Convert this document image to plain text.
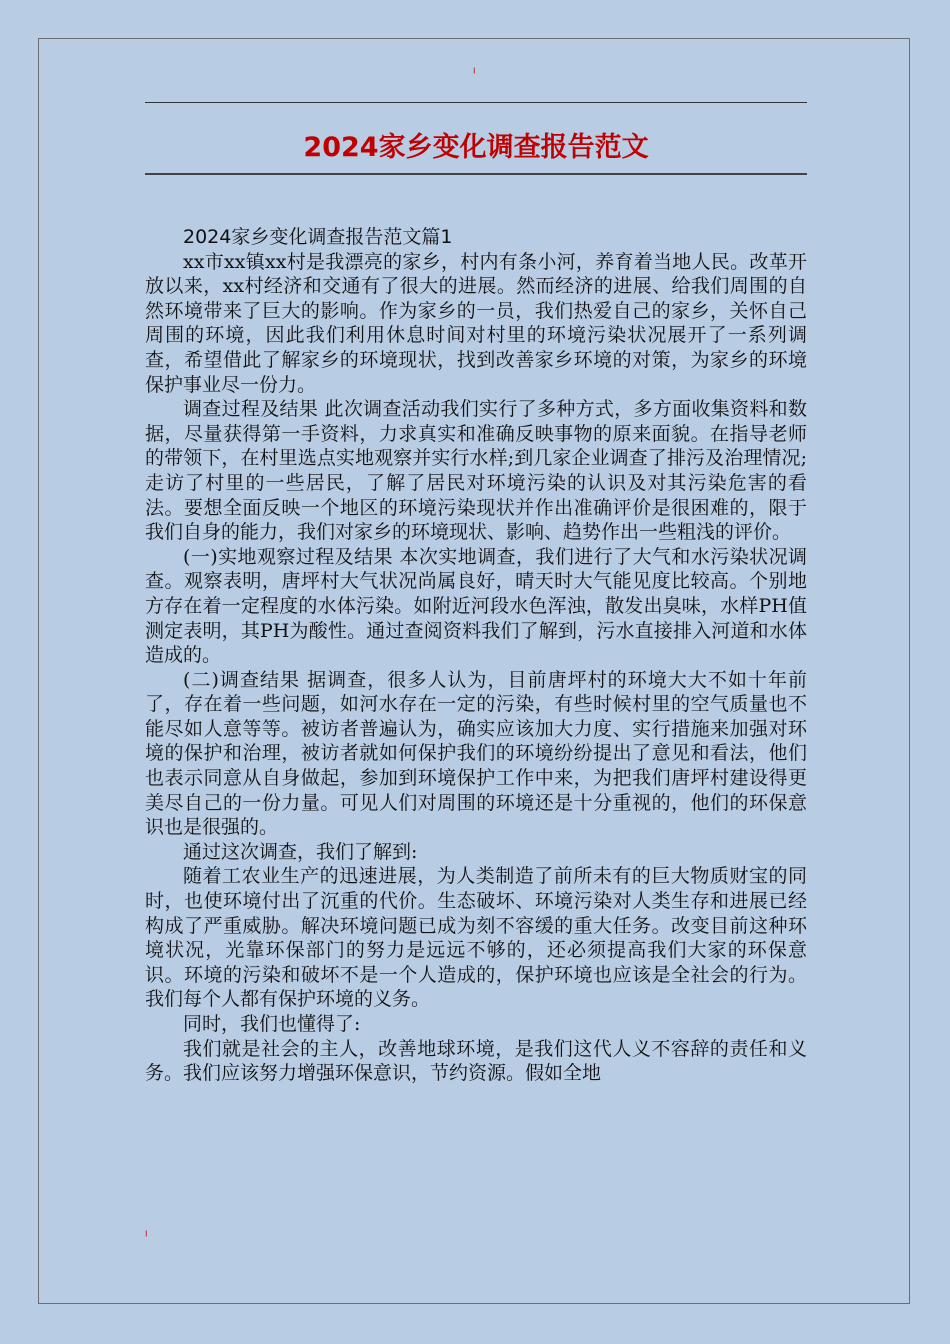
ˡ
2024家乡变化调查报告范文

2024家乡变化调查报告范文篇1

xx市xx镇xx村是我漂亮的家乡，村内有条小河，养育着当地人民。改革开放以来，xx村经济和交通有了很大的进展。然而经济的进展、给我们周围的自然环境带来了巨大的影响。作为家乡的一员，我们热爱自己的家乡，关怀自己周围的环境，因此我们利用休息时间对村里的环境污染状况展开了一系列调查，希望借此了解家乡的环境现状，找到改善家乡环境的对策，为家乡的环境保护事业尽一份力。

调查过程及结果 此次调查活动我们实行了多种方式，多方面收集资料和数据，尽量获得第一手资料，力求真实和准确反映事物的原来面貌。在指导老师的带领下，在村里选点实地观察并实行水样;到几家企业调查了排污及治理情况;走访了村里的一些居民，了解了居民对环境污染的认识及对其污染危害的看法。要想全面反映一个地区的环境污染现状并作出准确评价是很困难的，限于我们自身的能力，我们对家乡的环境现状、影响、趋势作出一些粗浅的评价。

(一)实地观察过程及结果 本次实地调查，我们进行了大气和水污染状况调查。观察表明，唐坪村大气状况尚属良好，晴天时大气能见度比较高。个别地方存在着一定程度的水体污染。如附近河段水色浑浊，散发出臭味，水样PH值测定表明，其PH为酸性。通过查阅资料我们了解到，污水直接排入河道和水体造成的。

(二)调查结果 据调查，很多人认为，目前唐坪村的环境大大不如十年前了，存在着一些问题，如河水存在一定的污染，有些时候村里的空气质量也不能尽如人意等等。被访者普遍认为，确实应该加大力度、实行措施来加强对环境的保护和治理，被访者就如何保护我们的环境纷纷提出了意见和看法，他们也表示同意从自身做起，参加到环境保护工作中来，为把我们唐坪村建设得更美尽自己的一份力量。可见人们对周围的环境还是十分重视的，他们的环保意识也是很强的。

通过这次调查，我们了解到:

随着工农业生产的迅速进展，为人类制造了前所未有的巨大物质财宝的同时，也使环境付出了沉重的代价。生态破坏、环境污染对人类生存和进展已经构成了严重威胁。解决环境问题已成为刻不容缓的重大任务。改变目前这种环境状况，光靠环保部门的努力是远远不够的，还必须提高我们大家的环保意识。环境的污染和破坏不是一个人造成的，保护环境也应该是全社会的行为。我们每个人都有保护环境的义务。

同时，我们也懂得了:

我们就是社会的主人，改善地球环境，是我们这代人义不容辞的责任和义务。我们应该努力增强环保意识，节约资源。假如全地

ˡ
